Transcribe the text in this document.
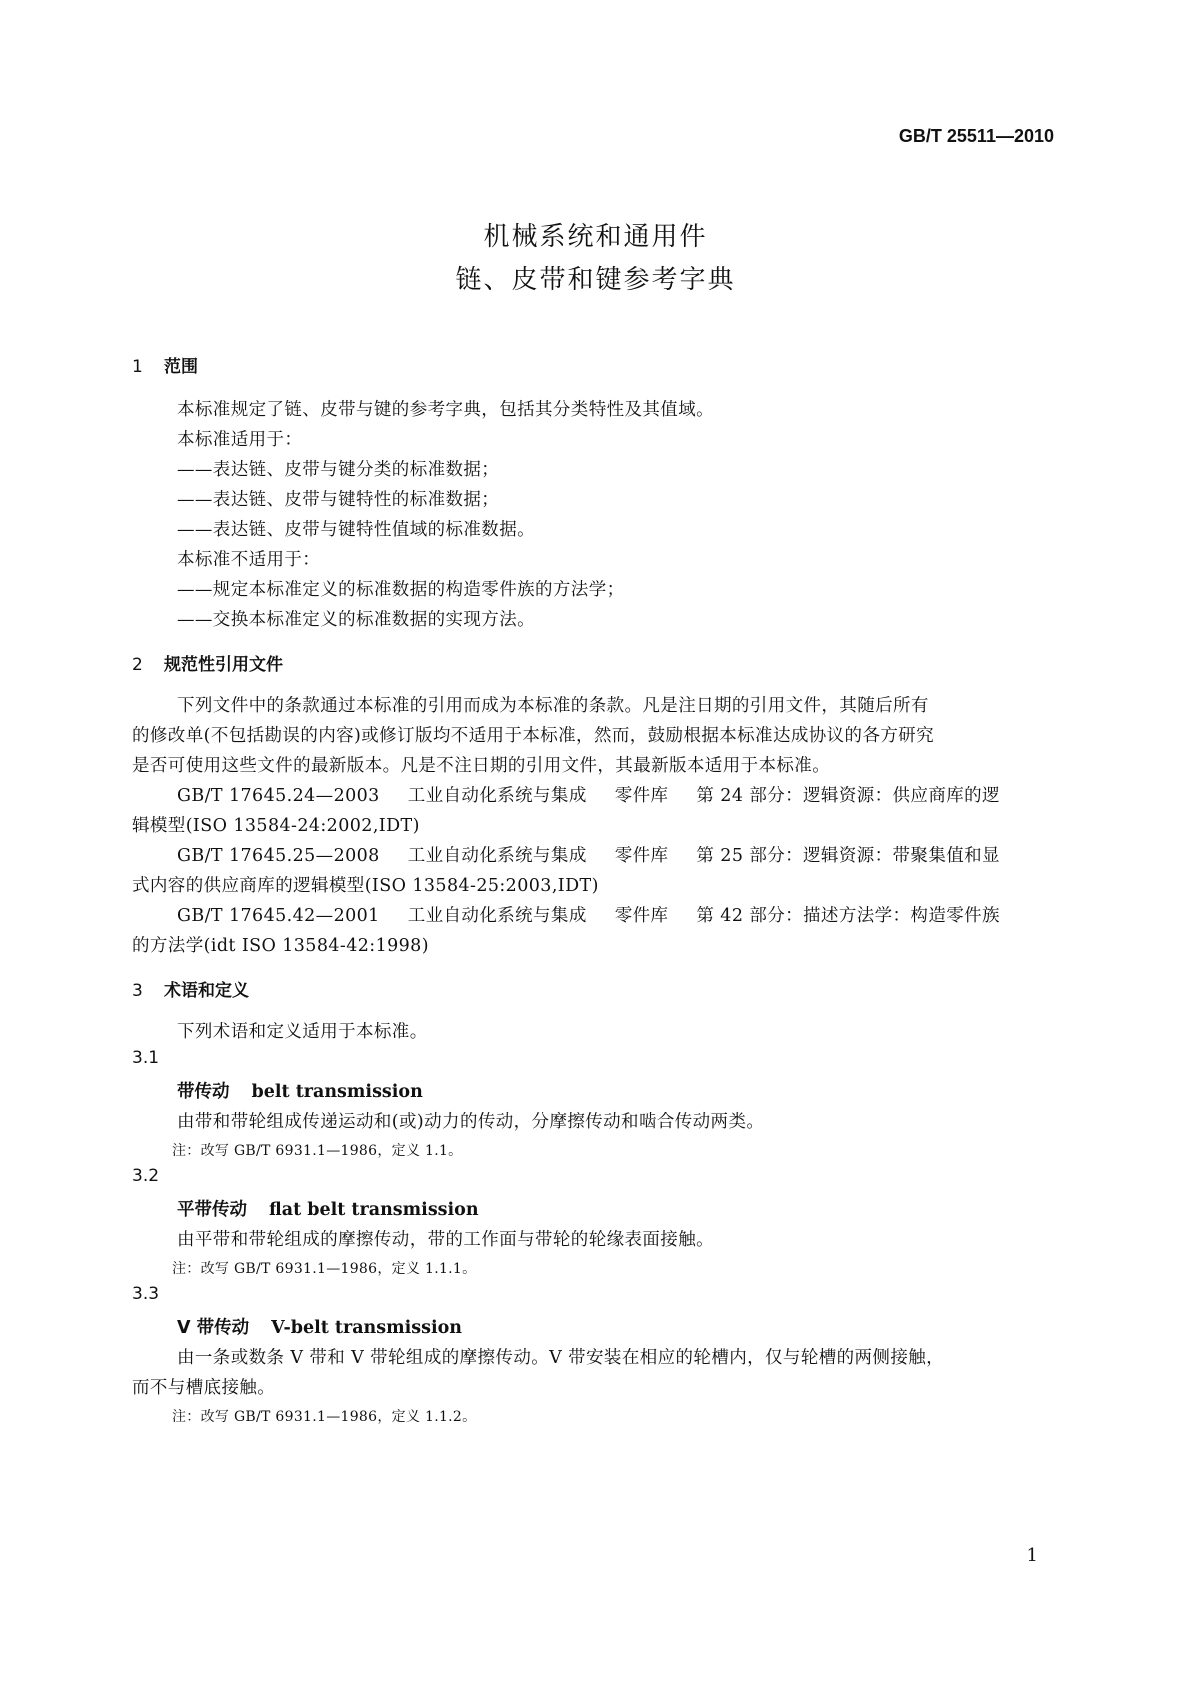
GB/T 25511—2010
机械系统和通用件
链、皮带和键参考字典
1 范围
本标准规定了链、皮带与键的参考字典，包括其分类特性及其值域。
本标准适用于：
——表达链、皮带与键分类的标准数据；
——表达链、皮带与键特性的标准数据；
——表达链、皮带与键特性值域的标准数据。
本标准不适用于：
——规定本标准定义的标准数据的构造零件族的方法学；
——交换本标准定义的标准数据的实现方法。
2 规范性引用文件
下列文件中的条款通过本标准的引用而成为本标准的条款。凡是注日期的引用文件，其随后所有
的修改单(不包括勘误的内容)或修订版均不适用于本标准，然而，鼓励根据本标准达成协议的各方研究
是否可使用这些文件的最新版本。凡是不注日期的引用文件，其最新版本适用于本标准。
GB/T 17645.24—2003 工业自动化系统与集成 零件库 第 24 部分：逻辑资源：供应商库的逻
辑模型(ISO 13584-24:2002,IDT)
GB/T 17645.25—2008 工业自动化系统与集成 零件库 第 25 部分：逻辑资源：带聚集值和显
式内容的供应商库的逻辑模型(ISO 13584-25:2003,IDT)
GB/T 17645.42—2001 工业自动化系统与集成 零件库 第 42 部分：描述方法学：构造零件族
的方法学(idt ISO 13584-42:1998)
3 术语和定义
下列术语和定义适用于本标准。
3.1
带传动 belt transmission
由带和带轮组成传递运动和(或)动力的传动，分摩擦传动和啮合传动两类。
注：改写 GB/T 6931.1—1986，定义 1.1。
3.2
平带传动 flat belt transmission
由平带和带轮组成的摩擦传动，带的工作面与带轮的轮缘表面接触。
注：改写 GB/T 6931.1—1986，定义 1.1.1。
3.3
V 带传动 V-belt transmission
由一条或数条 V 带和 V 带轮组成的摩擦传动。V 带安装在相应的轮槽内，仅与轮槽的两侧接触，
而不与槽底接触。
注：改写 GB/T 6931.1—1986，定义 1.1.2。
1
